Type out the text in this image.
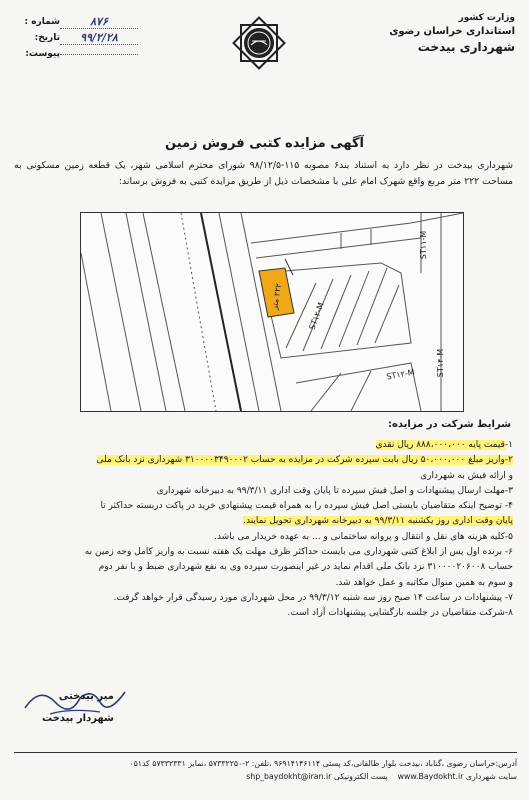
وزارت کشور
استانداری خراسان رضوی
شهرداری بیدخت
۸۷۶
شماره :
۹۹/۲/۲۸
تاریخ:
پیوست:
آگهی مزایده کتبی فروش زمین
شهرداری بیدخت در نظر دارد به استناد بند۶ مصوبه ۱۱۵-۹۸/۱۲/۵ شورای محترم اسلامی شهر، یک قطعه زمین مسکونی به مساحت ۲۲۲ متر مربع واقع شهرک امام علی با مشخصات ذیل از طریق مزایده کتبی به فروش برساند:
۲۲۲ متر
ST۱۲-M
ST۱۱-M
ST۱۲-M	ST۱۴-M
شرایط شرکت در مزایده:

۱-قیمت پایه ۸۸۸،۰۰۰،۰۰۰ ریال نقدی

۲-واریز مبلغ ۵۰،۰۰۰،۰۰۰ ریال بابت سپرده شرکت در مزایده به حساب ۳۱۰۰۰۰۳۴۹۰۰۰۲ شهرداری نزد بانک ملی

و ارائه فیش به شهرداری

۳-مهلت ارسال پیشنهادات و اصل فیش سپرده تا پایان وقت اداری ۹۹/۳/۱۱ به دبیرخانه شهرداری

۴- توضیح اینکه متقاضیان بایستی اصل فیش سپرده را به همراه قیمت پیشنهادی خرید در پاکت دربسته حداکثر تا

پایان وقت اداری روز یکشنبه ۹۹/۳/۱۱ به دبیرخانه شهرداری تحویل نمایند.

۵-کلیه هزینه های نقل و انتقال و پروانه ساختمانی و ... به عهده خریدار می باشد.

۶- برنده اول پس از ابلاغ کتبی شهرداری می بایست حداکثر ظرف مهلت یک هفته نسبت به واریز کامل وجه زمین به

حساب ۳۱۰۰۰۰۲۰۶۰۰۸ نزد بانک ملی اقدام نماید در غیر اینصورت سپرده وی به نفع شهرداری ضبط و با نفر دوم

و سوم به همین منوال مکاتبه و عمل خواهد شد.

۷- پیشنهادات در ساعت ۱۴ صبح روز سه شنبه ۹۹/۳/۱۲ در محل شهرداری مورد رسیدگی قرار خواهد گرفت.

۸-شرکت متقاضیان در جلسه بازگشایی پیشنهادات آزاد است.

میر بیدختی
شهردار بیدخت
آدرس:خراسان رضوی ،گناباد ،بیدخت بلوار طالقانی،کد پستی ۹۶۹۱۴۱۴۶۱۱۴ ،تلفن: ۲-۵۷۳۳۲۲۵۰ ،نمابر ۵۷۳۳۲۳۳۱ کد۰۵۱
سایت شهرداری www.Baydokht.ir    پست الکترونیکی shp_baydokht@iran.ir
